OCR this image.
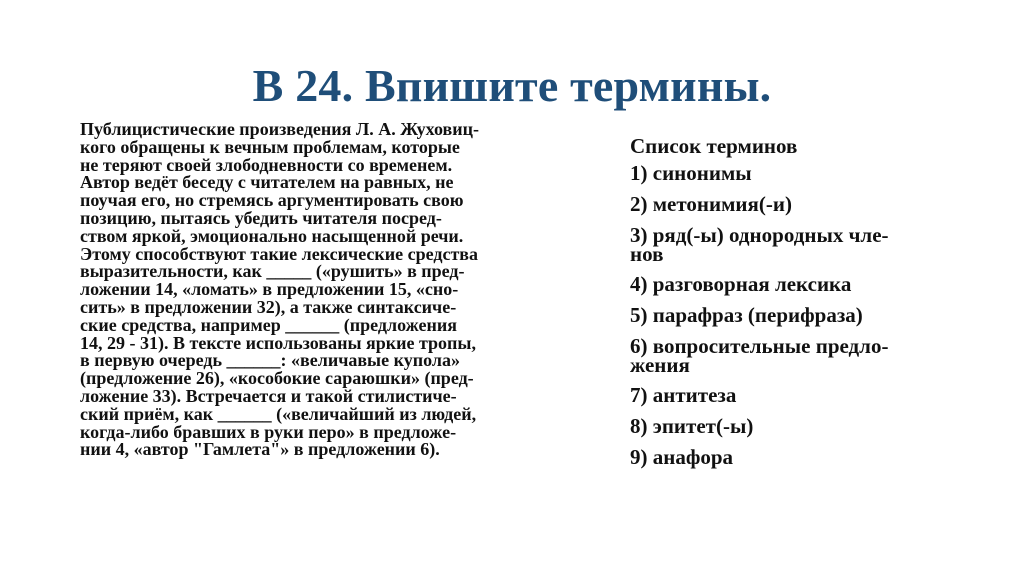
В 24. Впишите термины.
Публицистические произведения Л. А. Жуховиц-
кого обращены к вечным проблемам, которые
не теряют своей злободневности со временем.
Автор ведёт беседу с читателем на равных, не
поучая его, но стремясь аргументировать свою
позицию, пытаясь убедить читателя посред-
ством яркой, эмоционально насыщенной речи.
Этому способствуют такие лексические средства
выразительности, как _____ («рушить» в пред-
ложении 14, «ломать» в предложении 15, «сно-
сить» в предложении 32), а также синтаксиче-
ские средства, например ______ (предложения
14, 29 - 31). В тексте использованы яркие тропы,
в первую очередь ______: «величавые купола»
(предложение 26), «кособокие сараюшки» (пред-
ложение 33). Встречается и такой стилистиче-
ский приём, как ______ («величайший из людей,
когда-либо бравших в руки перо» в предложе-
нии 4, «автор "Гамлета"» в предложении 6).
Список терминов
1) синонимы
2) метонимия(-и)
3) ряд(-ы) однородных чле-
нов
4) разговорная лексика
5) парафраз (перифраза)
6) вопросительные предло-
жения
7) антитеза
8) эпитет(-ы)
9) анафора
